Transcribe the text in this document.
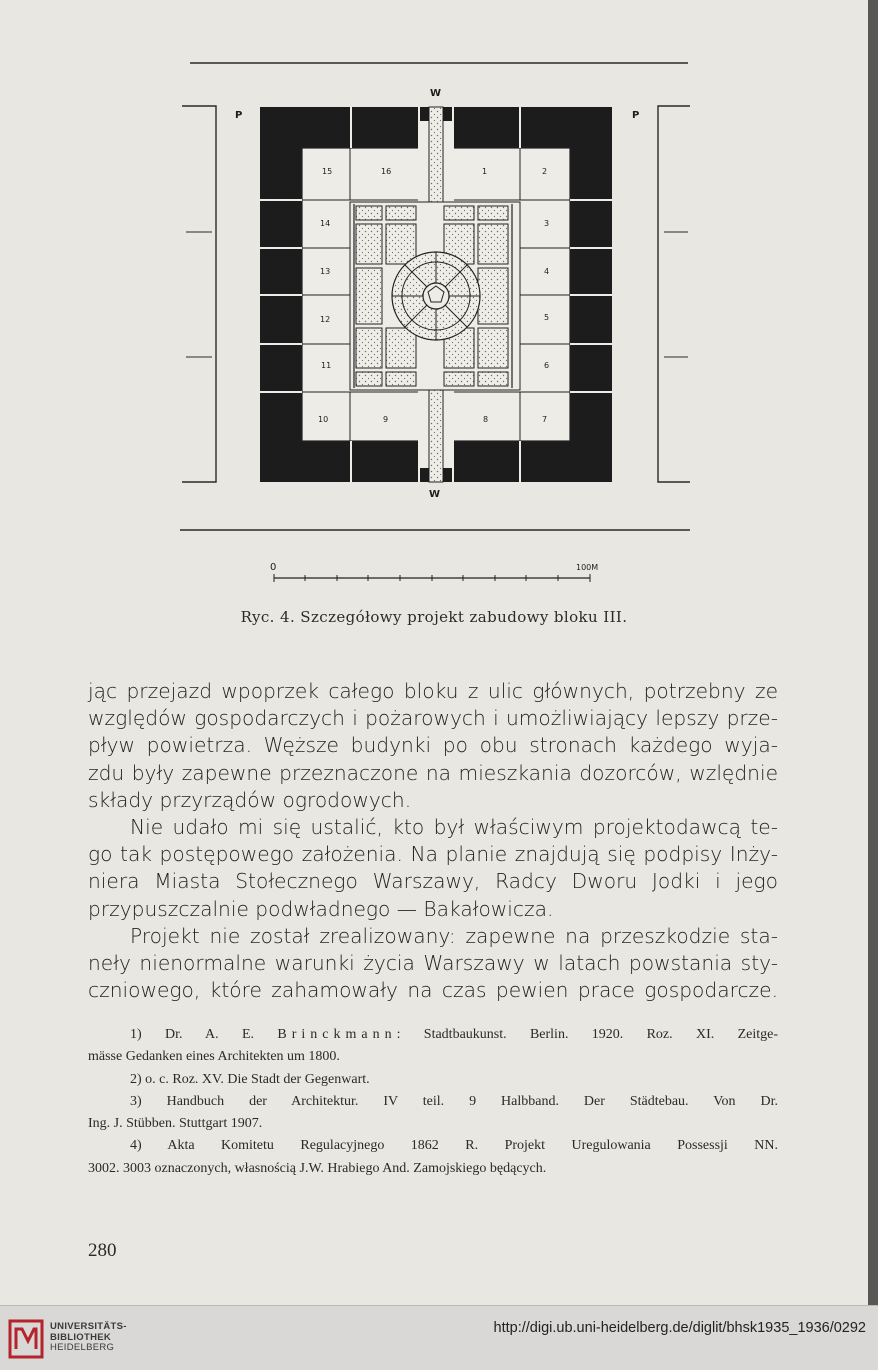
W
W
P	P
1	2
3
4
5
6
7
8
9
10
11
12
13
14
15	16
0	100M
Ryc. 4. Szczegółowy projekt zabudowy bloku III.

jąc przejazd wpoprzek całego bloku z ulic głównych, potrzebny ze

względów gospodarczych i pożarowych i umożliwiający lepszy prze-

pływ powietrza. Węższe budynki po obu stronach każdego wyja-

zdu były zapewne przeznaczone na mieszkania dozorców, wzlędnie

składy przyrządów ogrodowych.

Nie udało mi się ustalić, kto był właściwym projektodawcą te-

go tak postępowego założenia. Na planie znajdują się podpisy Inży-

niera Miasta Stołecznego Warszawy, Radcy Dworu Jodki i jego

przypuszczalnie podwładnego — Bakałowicza.

Projekt nie został zrealizowany: zapewne na przeszkodzie sta-

neły nienormalne warunki życia Warszawy w latach powstania sty-

czniowego, które zahamowały na czas pewien prace gospodarcze.

1) Dr. A. E. Brinckmann: Stadtbaukunst. Berlin. 1920. Roz. XI. Zeitge-

mässe Gedanken eines Architekten um 1800.

2) o. c. Roz. XV. Die Stadt der Gegenwart.

3) Handbuch der Architektur. IV teil. 9 Halbband. Der Städtebau. Von Dr.

Ing. J. Stübben. Stuttgart 1907.

4) Akta Komitetu Regulacyjnego 1862 R. Projekt Uregulowania Possessji NN.

3002. 3003 oznaczonych, własnością J.W. Hrabiego And. Zamojskiego będących.

280
UNIVERSITÄTS-
BIBLIOTHEK
HEIDELBERG
http://digi.ub.uni-heidelberg.de/diglit/bhsk1935_1936/0292
